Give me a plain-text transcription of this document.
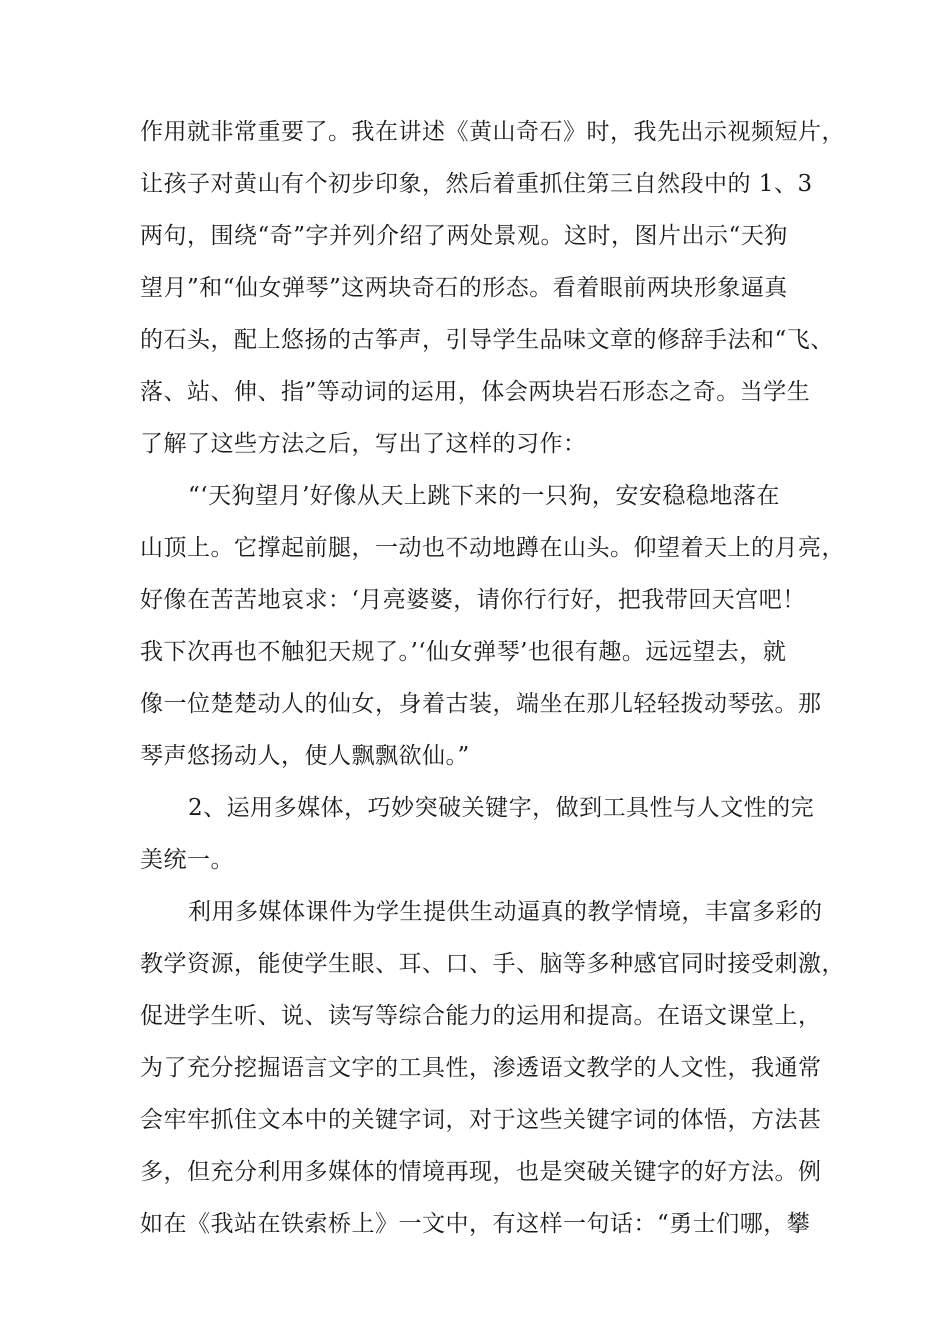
作用就非常重要了。我在讲述《黄山奇石》时，我先出示视频短片，
让孩子对黄山有个初步印象，然后着重抓住第三自然段中的 1、3
两句，围绕“奇”字并列介绍了两处景观。这时，图片出示“天狗
望月”和“仙女弹琴”这两块奇石的形态。看着眼前两块形象逼真
的石头，配上悠扬的古筝声，引导学生品味文章的修辞手法和“飞、
落、站、伸、指”等动词的运用，体会两块岩石形态之奇。当学生
了解了这些方法之后，写出了这样的习作：
“‘天狗望月’好像从天上跳下来的一只狗，安安稳稳地落在
山顶上。它撑起前腿，一动也不动地蹲在山头。仰望着天上的月亮，
好像在苦苦地哀求：‘月亮婆婆，请你行行好，把我带回天宫吧！
我下次再也不触犯天规了。’‘仙女弹琴’也很有趣。远远望去，就
像一位楚楚动人的仙女，身着古装，端坐在那儿轻轻拨动琴弦。那
琴声悠扬动人，使人飘飘欲仙。”
2、运用多媒体，巧妙突破关键字，做到工具性与人文性的完
美统一。
利用多媒体课件为学生提供生动逼真的教学情境，丰富多彩的
教学资源，能使学生眼、耳、口、手、脑等多种感官同时接受刺激，
促进学生听、说、读写等综合能力的运用和提高。在语文课堂上，
为了充分挖掘语言文字的工具性，渗透语文教学的人文性，我通常
会牢牢抓住文本中的关键字词，对于这些关键字词的体悟，方法甚
多，但充分利用多媒体的情境再现，也是突破关键字的好方法。例
如在《我站在铁索桥上》一文中，有这样一句话：“勇士们哪，攀
